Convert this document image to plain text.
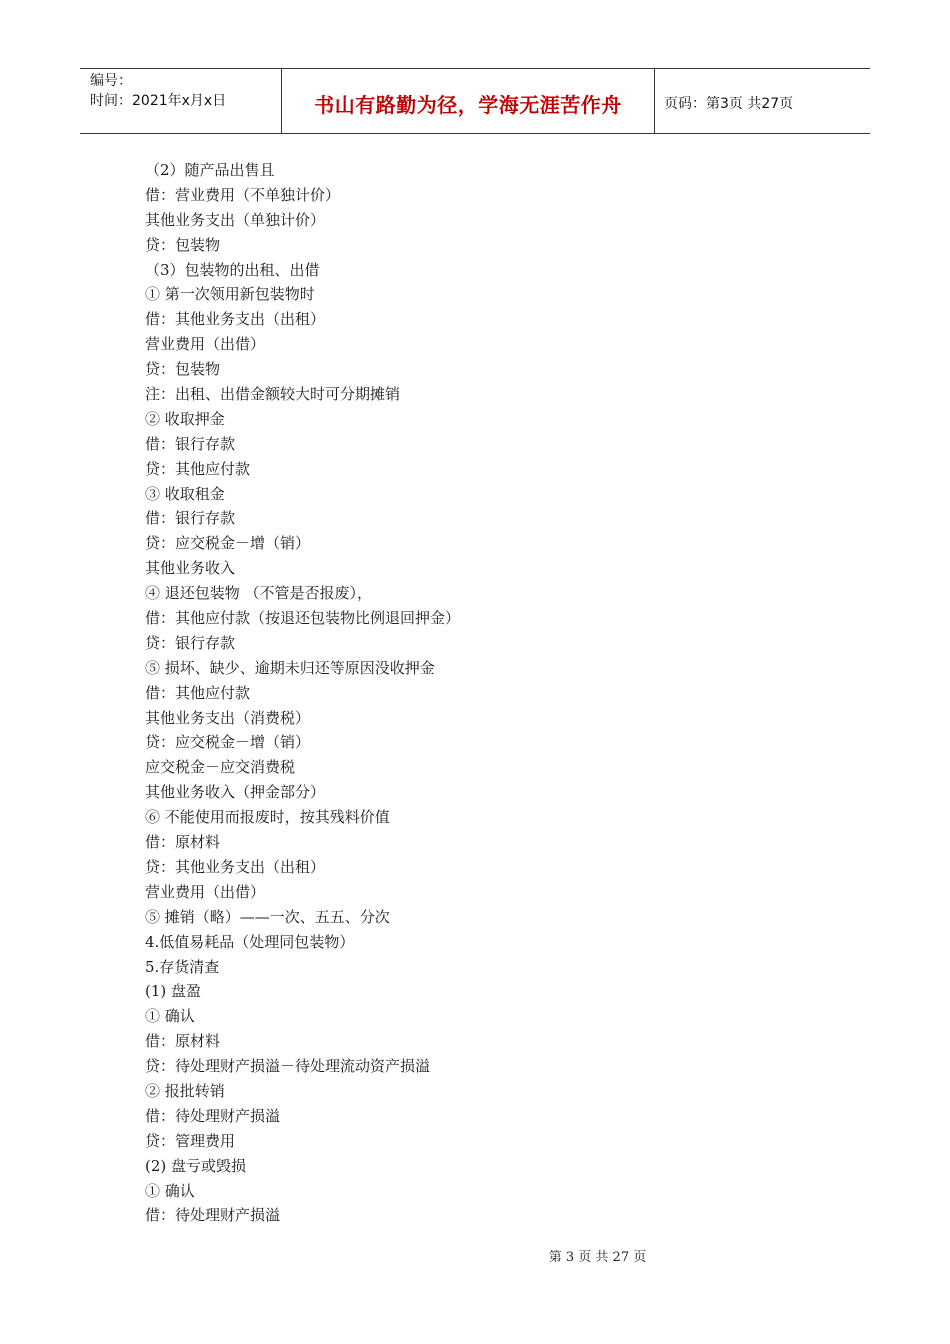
编号：
时间：2021年x月x日	书山有路勤为径，学海无涯苦作舟	页码：第3页 共27页
（2）随产品出售且
借：营业费用（不单独计价）
其他业务支出（单独计价）
贷：包装物
（3）包装物的出租、出借
① 第一次领用新包装物时
借：其他业务支出（出租）
营业费用（出借）
贷：包装物
注：出租、出借金额较大时可分期摊销
② 收取押金
借：银行存款
贷：其他应付款
③ 收取租金
借：银行存款
贷：应交税金－增（销）
其他业务收入
④ 退还包装物 （不管是否报废），
借：其他应付款（按退还包装物比例退回押金）
贷：银行存款
⑤ 损坏、缺少、逾期未归还等原因没收押金
借：其他应付款
其他业务支出（消费税）
贷：应交税金－增（销）
应交税金－应交消费税
其他业务收入（押金部分）
⑥ 不能使用而报废时，按其残料价值
借：原材料
贷：其他业务支出（出租）
营业费用（出借）
⑤ 摊销（略）——一次、五五、分次
4.低值易耗品（处理同包装物）
5.存货清查
(1) 盘盈
① 确认
借：原材料
贷：待处理财产损溢－待处理流动资产损溢
② 报批转销
借：待处理财产损溢
贷：管理费用
(2) 盘亏或毁损
① 确认
借：待处理财产损溢
第 3 页 共 27 页
